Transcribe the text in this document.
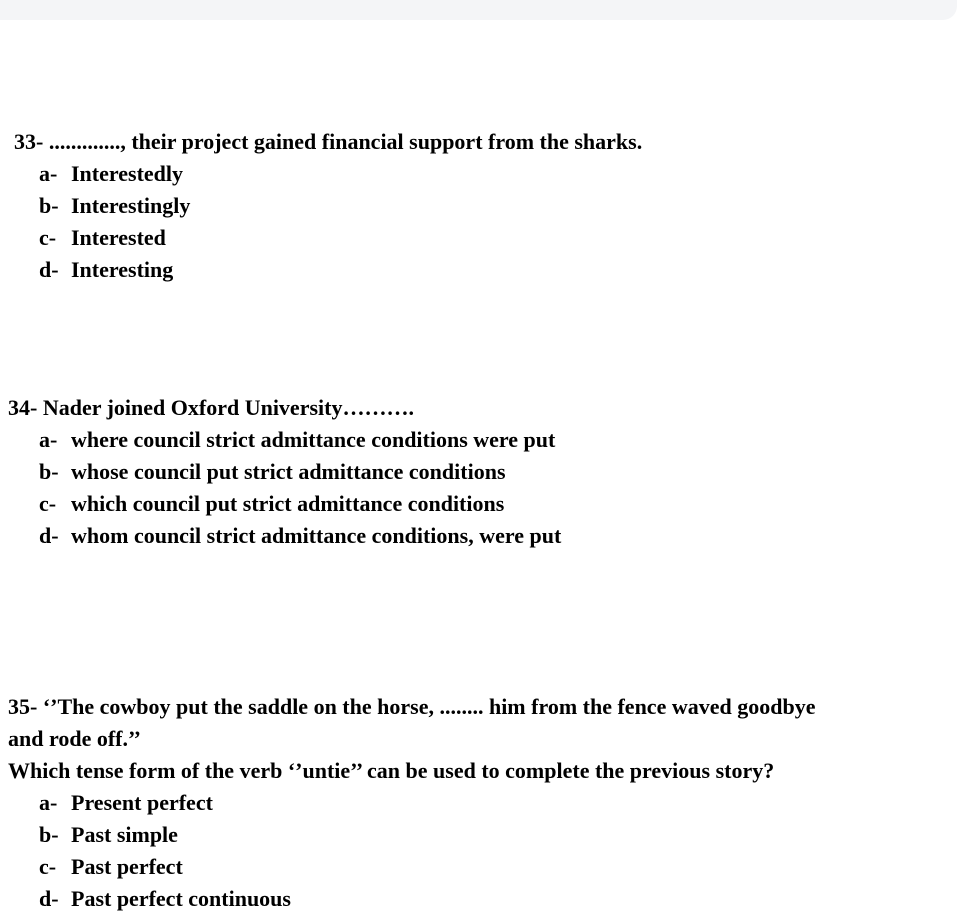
33- ............., their project gained financial support from the sharks.

a- Interestedly
b- Interestingly
c- Interested
d- Interesting

34- Nader joined Oxford University……….

a- where council strict admittance conditions were put
b- whose council put strict admittance conditions
c- which council put strict admittance conditions
d- whom council strict admittance conditions, were put

35- ‘’The cowboy put the saddle on the horse, ........ him from the fence waved goodbye

and rode off.’’

Which tense form of the verb ‘’untie’’ can be used to complete the previous story?

a- Present perfect
b- Past simple
c- Past perfect
d- Past perfect continuous
